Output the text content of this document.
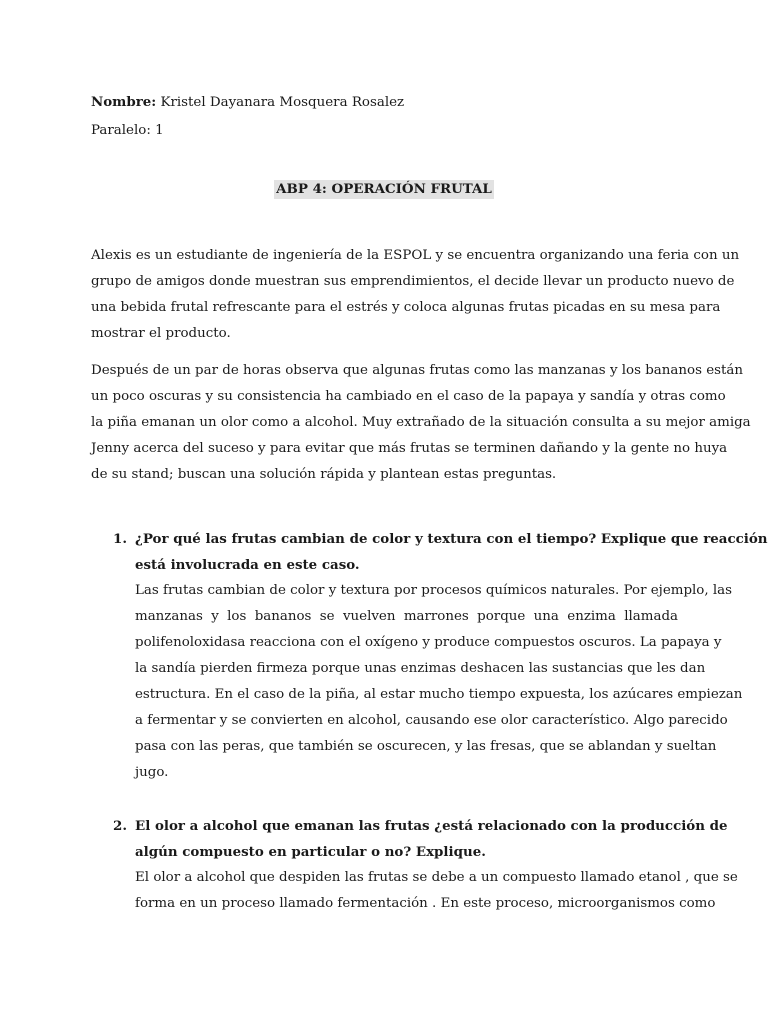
Nombre: Kristel Dayanara Mosquera Rosalez
Paralelo: 1
ABP 4: OPERACIÓN FRUTAL
Alexis es un estudiante de ingeniería de la ESPOL y se encuentra organizando una feria con un
grupo de amigos donde muestran sus emprendimientos, el decide llevar un producto nuevo de
una bebida frutal refrescante para el estrés y coloca algunas frutas picadas en su mesa para
mostrar el producto.
Después de un par de horas observa que algunas frutas como las manzanas y los bananos están
un poco oscuras y su consistencia ha cambiado en el caso de la papaya y sandía y otras como
la piña emanan un olor como a alcohol. Muy extrañado de la situación consulta a su mejor amiga
Jenny acerca del suceso y para evitar que más frutas se terminen dañando y la gente no huya
de su stand; buscan una solución rápida y plantean estas preguntas.
1. ¿Por qué las frutas cambian de color y textura con el tiempo? Explique que reacción
está involucrada en este caso.
Las frutas cambian de color y textura por procesos químicos naturales. Por ejemplo, las
manzanas y los bananos se vuelven marrones porque una enzima llamada
polifenoloxidasa reacciona con el oxígeno y produce compuestos oscuros. La papaya y
la sandía pierden firmeza porque unas enzimas deshacen las sustancias que les dan
estructura. En el caso de la piña, al estar mucho tiempo expuesta, los azúcares empiezan
a fermentar y se convierten en alcohol, causando ese olor característico. Algo parecido
pasa con las peras, que también se oscurecen, y las fresas, que se ablandan y sueltan
jugo.
2. El olor a alcohol que emanan las frutas ¿está relacionado con la producción de
algún compuesto en particular o no? Explique.
El olor a alcohol que despiden las frutas se debe a un compuesto llamado etanol , que se
forma en un proceso llamado fermentación . En este proceso, microorganismos como
